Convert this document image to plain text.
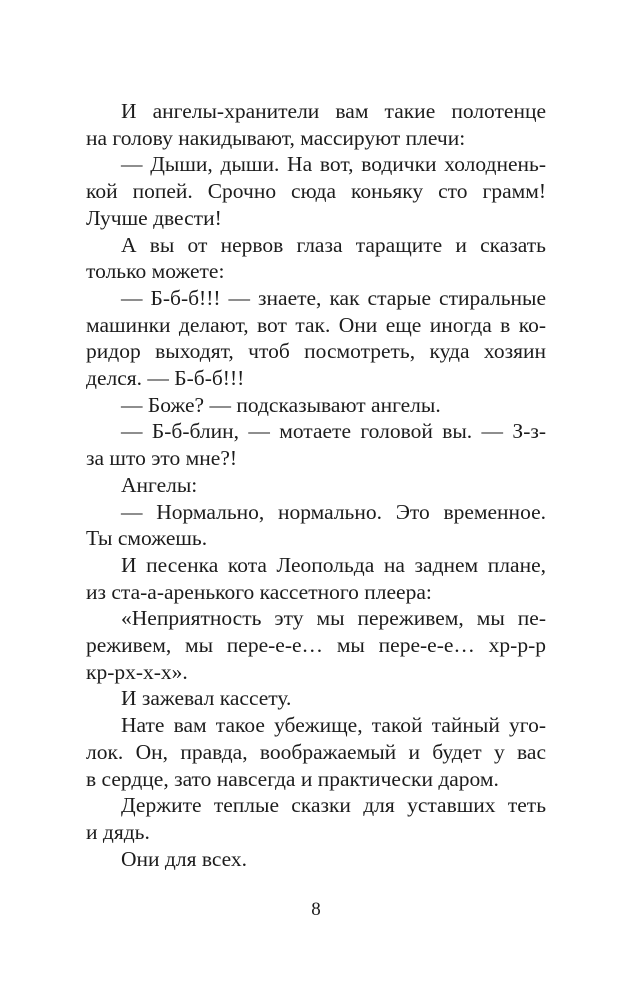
И ангелы-хранители вам такие полотенце
на голову накидывают, массируют плечи:
— Дыши, дыши. На вот, водички холоднень-
кой попей. Срочно сюда коньяку сто грамм!
Лучше двести!
А вы от нервов глаза таращите и сказать
только можете:
— Б-б-б!!! — знаете, как старые стиральные
машинки делают, вот так. Они еще иногда в ко-
ридор выходят, чтоб посмотреть, куда хозяин
делся. — Б-б-б!!!
— Боже? — подсказывают ангелы.
— Б-б-блин, — мотаете головой вы. — З-з-
за што это мне?!
Ангелы:
— Нормально, нормально. Это временное.
Ты сможешь.
И песенка кота Леопольда на заднем плане,
из ста-а-аренького кассетного плеера:
«Неприятность эту мы переживем, мы пе-
реживем, мы пере-е-е… мы пере-е-е… хр-р-р
кр-рх-х-х».
И зажевал кассету.
Нате вам такое убежище, такой тайный уго-
лок. Он, правда, воображаемый и будет у вас
в сердце, зато навсегда и практически даром.
Держите теплые сказки для уставших теть
и дядь.
Они для всех.
8
